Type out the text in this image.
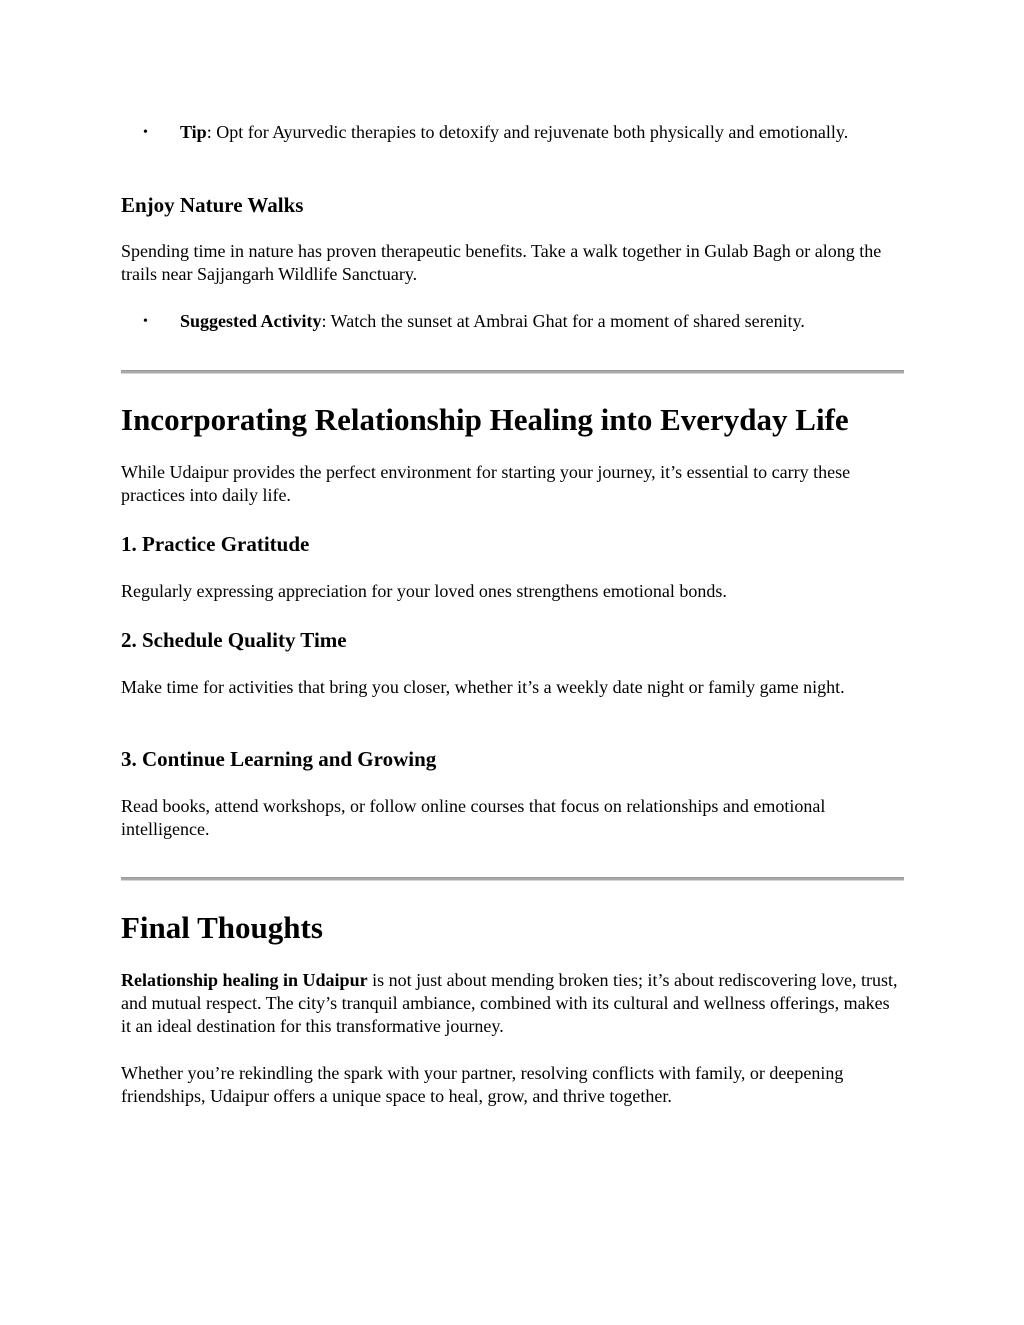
• Tip: Opt for Ayurvedic therapies to detoxify and rejuvenate both physically and emotionally.
Enjoy Nature Walks
Spending time in nature has proven therapeutic benefits. Take a walk together in Gulab Bagh or along the trails near Sajjangarh Wildlife Sanctuary.
• Suggested Activity: Watch the sunset at Ambrai Ghat for a moment of shared serenity.
Incorporating Relationship Healing into Everyday Life
While Udaipur provides the perfect environment for starting your journey, it’s essential to carry these practices into daily life.
1. Practice Gratitude
Regularly expressing appreciation for your loved ones strengthens emotional bonds.
2. Schedule Quality Time
Make time for activities that bring you closer, whether it’s a weekly date night or family game night.
3. Continue Learning and Growing
Read books, attend workshops, or follow online courses that focus on relationships and emotional intelligence.
Final Thoughts
Relationship healing in Udaipur is not just about mending broken ties; it’s about rediscovering love, trust, and mutual respect. The city’s tranquil ambiance, combined with its cultural and wellness offerings, makes it an ideal destination for this transformative journey.
Whether you’re rekindling the spark with your partner, resolving conflicts with family, or deepening friendships, Udaipur offers a unique space to heal, grow, and thrive together.
